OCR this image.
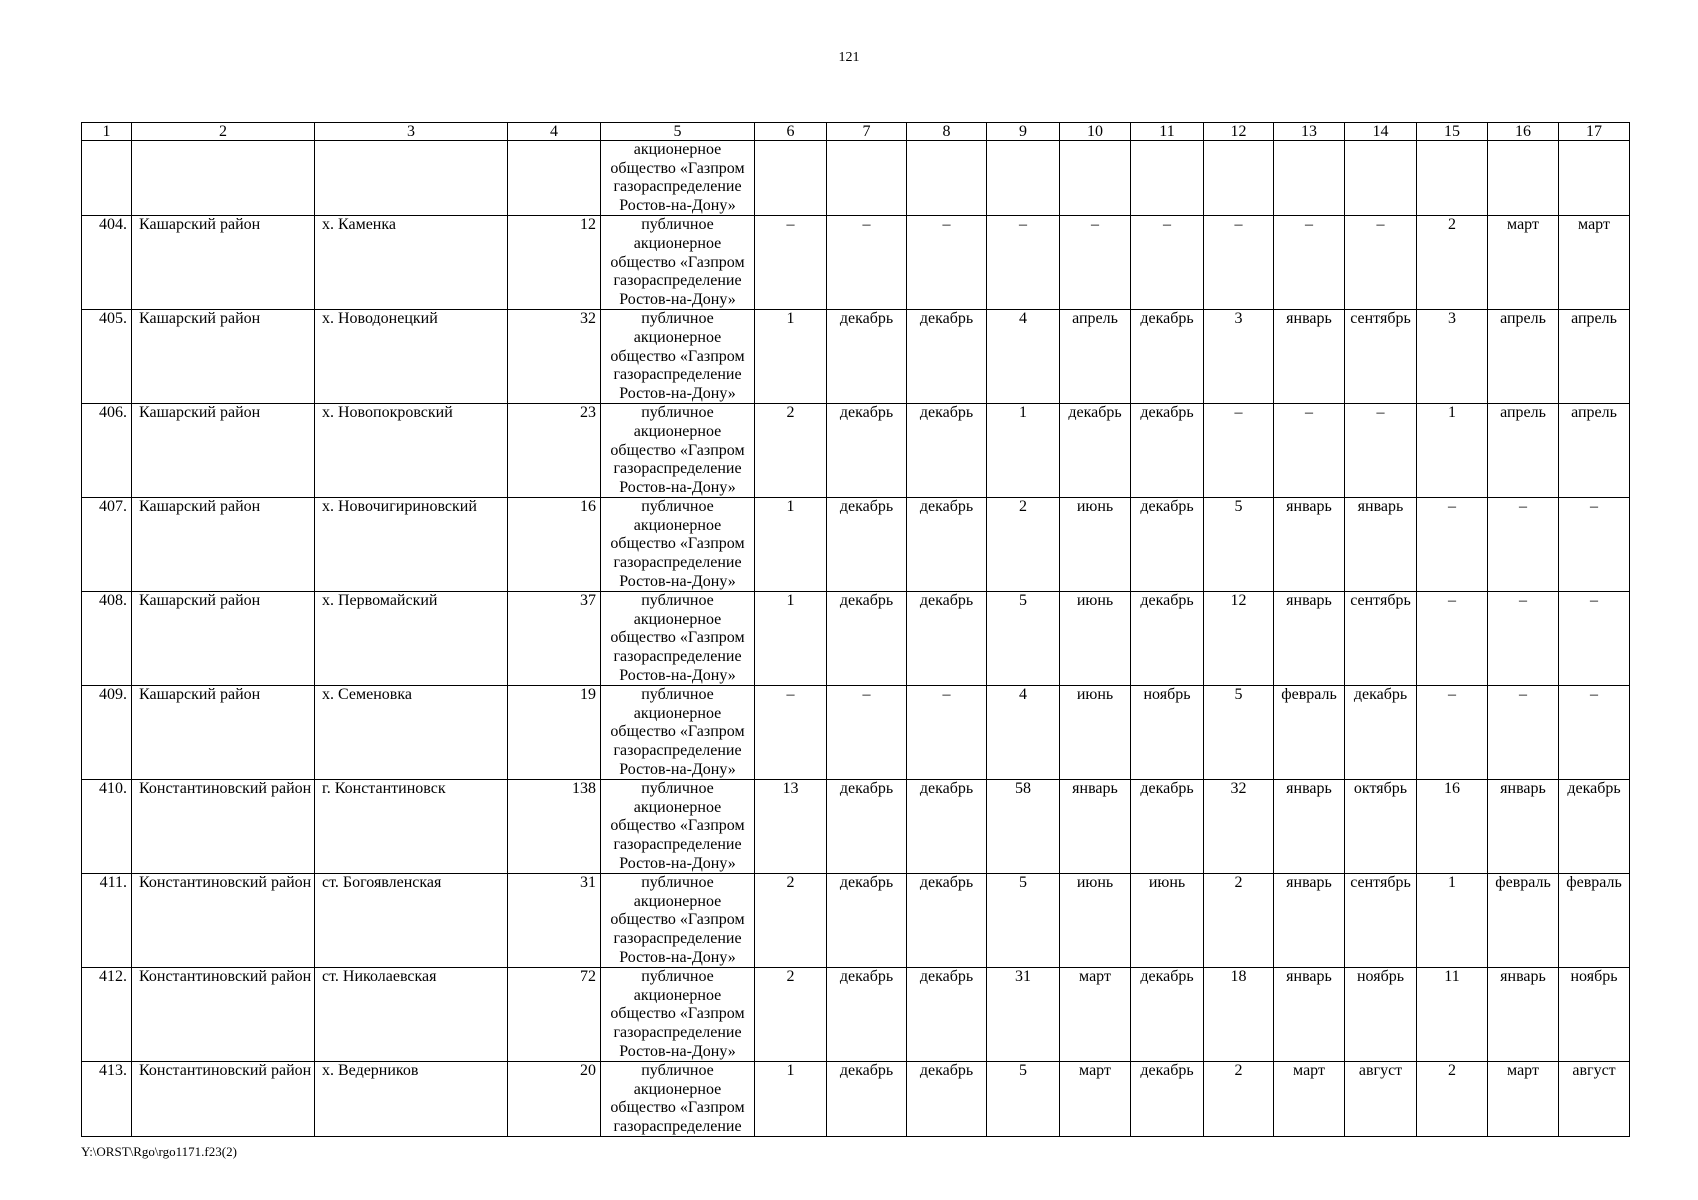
121
1	2	3	4	5	6	7	8	9	10	11	12	13	14	15	16	17
				акционерное
общество «Газпром
газораспределение
Ростов-на-Дону»												
404.	Кашарский район	х. Каменка	12	публичное
акционерное
общество «Газпром
газораспределение
Ростов-на-Дону»	–	–	–	–	–	–	–	–	–	2	март	март
405.	Кашарский район	х. Новодонецкий	32	публичное
акционерное
общество «Газпром
газораспределение
Ростов-на-Дону»	1	декабрь	декабрь	4	апрель	декабрь	3	январь	сентябрь	3	апрель	апрель
406.	Кашарский район	х. Новопокровский	23	публичное
акционерное
общество «Газпром
газораспределение
Ростов-на-Дону»	2	декабрь	декабрь	1	декабрь	декабрь	–	–	–	1	апрель	апрель
407.	Кашарский район	х. Новочигириновский	16	публичное
акционерное
общество «Газпром
газораспределение
Ростов-на-Дону»	1	декабрь	декабрь	2	июнь	декабрь	5	январь	январь	–	–	–
408.	Кашарский район	х. Первомайский	37	публичное
акционерное
общество «Газпром
газораспределение
Ростов-на-Дону»	1	декабрь	декабрь	5	июнь	декабрь	12	январь	сентябрь	–	–	–
409.	Кашарский район	х. Семеновка	19	публичное
акционерное
общество «Газпром
газораспределение
Ростов-на-Дону»	–	–	–	4	июнь	ноябрь	5	февраль	декабрь	–	–	–
410.	Константиновский район	г. Константиновск	138	публичное
акционерное
общество «Газпром
газораспределение
Ростов-на-Дону»	13	декабрь	декабрь	58	январь	декабрь	32	январь	октябрь	16	январь	декабрь
411.	Константиновский район	ст. Богоявленская	31	публичное
акционерное
общество «Газпром
газораспределение
Ростов-на-Дону»	2	декабрь	декабрь	5	июнь	июнь	2	январь	сентябрь	1	февраль	февраль
412.	Константиновский район	ст. Николаевская	72	публичное
акционерное
общество «Газпром
газораспределение
Ростов-на-Дону»	2	декабрь	декабрь	31	март	декабрь	18	январь	ноябрь	11	январь	ноябрь
413.	Константиновский район	х. Ведерников	20	публичное
акционерное
общество «Газпром
газораспределение	1	декабрь	декабрь	5	март	декабрь	2	март	август	2	март	август
Y:\ORST\Rgo\rgo1171.f23(2)
